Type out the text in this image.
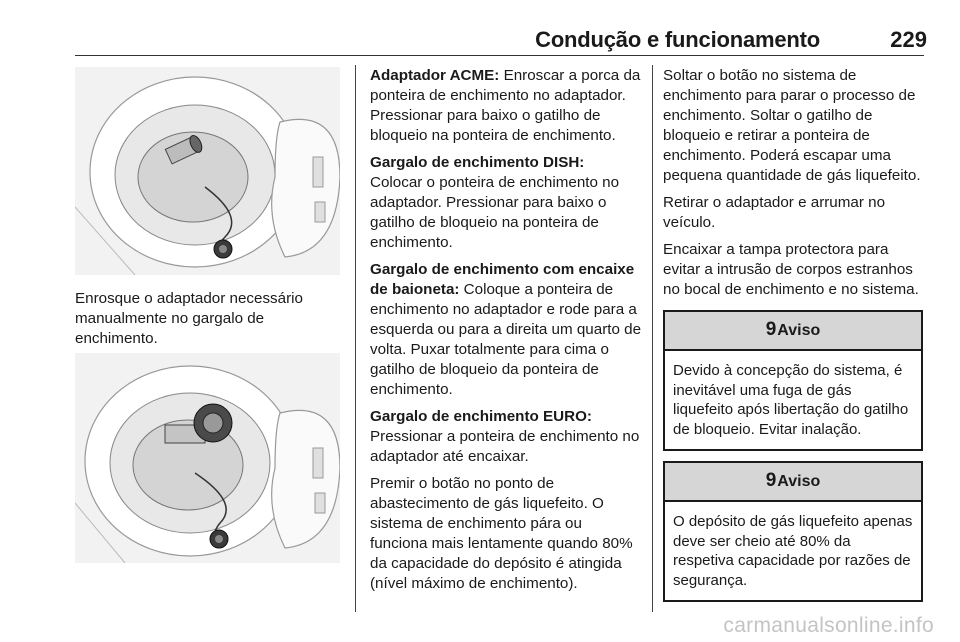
Condução e funcionamento	229

Enrosque o adaptador necessário manualmente no gargalo de enchimento.

Adaptador ACME: Enroscar a porca da ponteira de enchimento no adaptador. Pressionar para baixo o gatilho de bloqueio na ponteira de enchimento.

Gargalo de enchimento DISH:
Colocar o ponteira de enchimento no adaptador. Pressionar para baixo o gatilho de bloqueio na ponteira de enchimento.

Gargalo de enchimento com encaixe de baioneta: Coloque a ponteira de enchimento no adaptador e rode para a esquerda ou para a direita um quarto de volta. Puxar totalmente para cima o gatilho de bloqueio da ponteira de enchimento.

Gargalo de enchimento EURO:
Pressionar a ponteira de enchimento no adaptador até encaixar.

Premir o botão no ponto de abastecimento de gás liquefeito. O sistema de enchimento pára ou funciona mais lentamente quando 80% da capacidade do depósito é atingida (nível máximo de enchimento).

Soltar o botão no sistema de enchimento para parar o processo de enchimento. Soltar o gatilho de bloqueio e retirar a ponteira de enchimento. Poderá escapar uma pequena quantidade de gás liquefeito.

Retirar o adaptador e arrumar no veículo.

Encaixar a tampa protectora para evitar a intrusão de corpos estranhos no bocal de enchimento e no sistema.

9Aviso
Devido à concepção do sistema, é inevitável uma fuga de gás liquefeito após libertação do gatilho de bloqueio. Evitar inalação.
9Aviso
O depósito de gás liquefeito apenas deve ser cheio até 80% da respetiva capacidade por razões de segurança.
carmanualsonline.info
